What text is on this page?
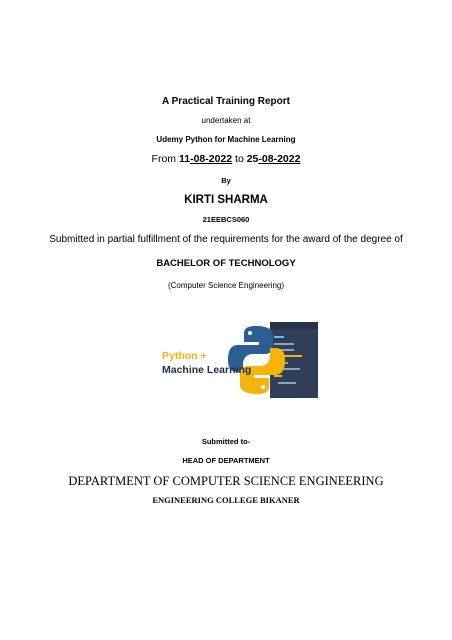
A Practical Training Report
undertaken at
Udemy Python for Machine Learning
From 11-08-2022 to 25-08-2022
By
KIRTI SHARMA
21EEBCS060
Submitted in partial fulfillment of the requirements for the award of the degree of
BACHELOR OF TECHNOLOGY
(Computer Science Engineering)
Python +
Machine Learning
Submitted to-
HEAD OF DEPARTMENT
DEPARTMENT OF COMPUTER SCIENCE ENGINEERING
ENGINEERING COLLEGE BIKANER
